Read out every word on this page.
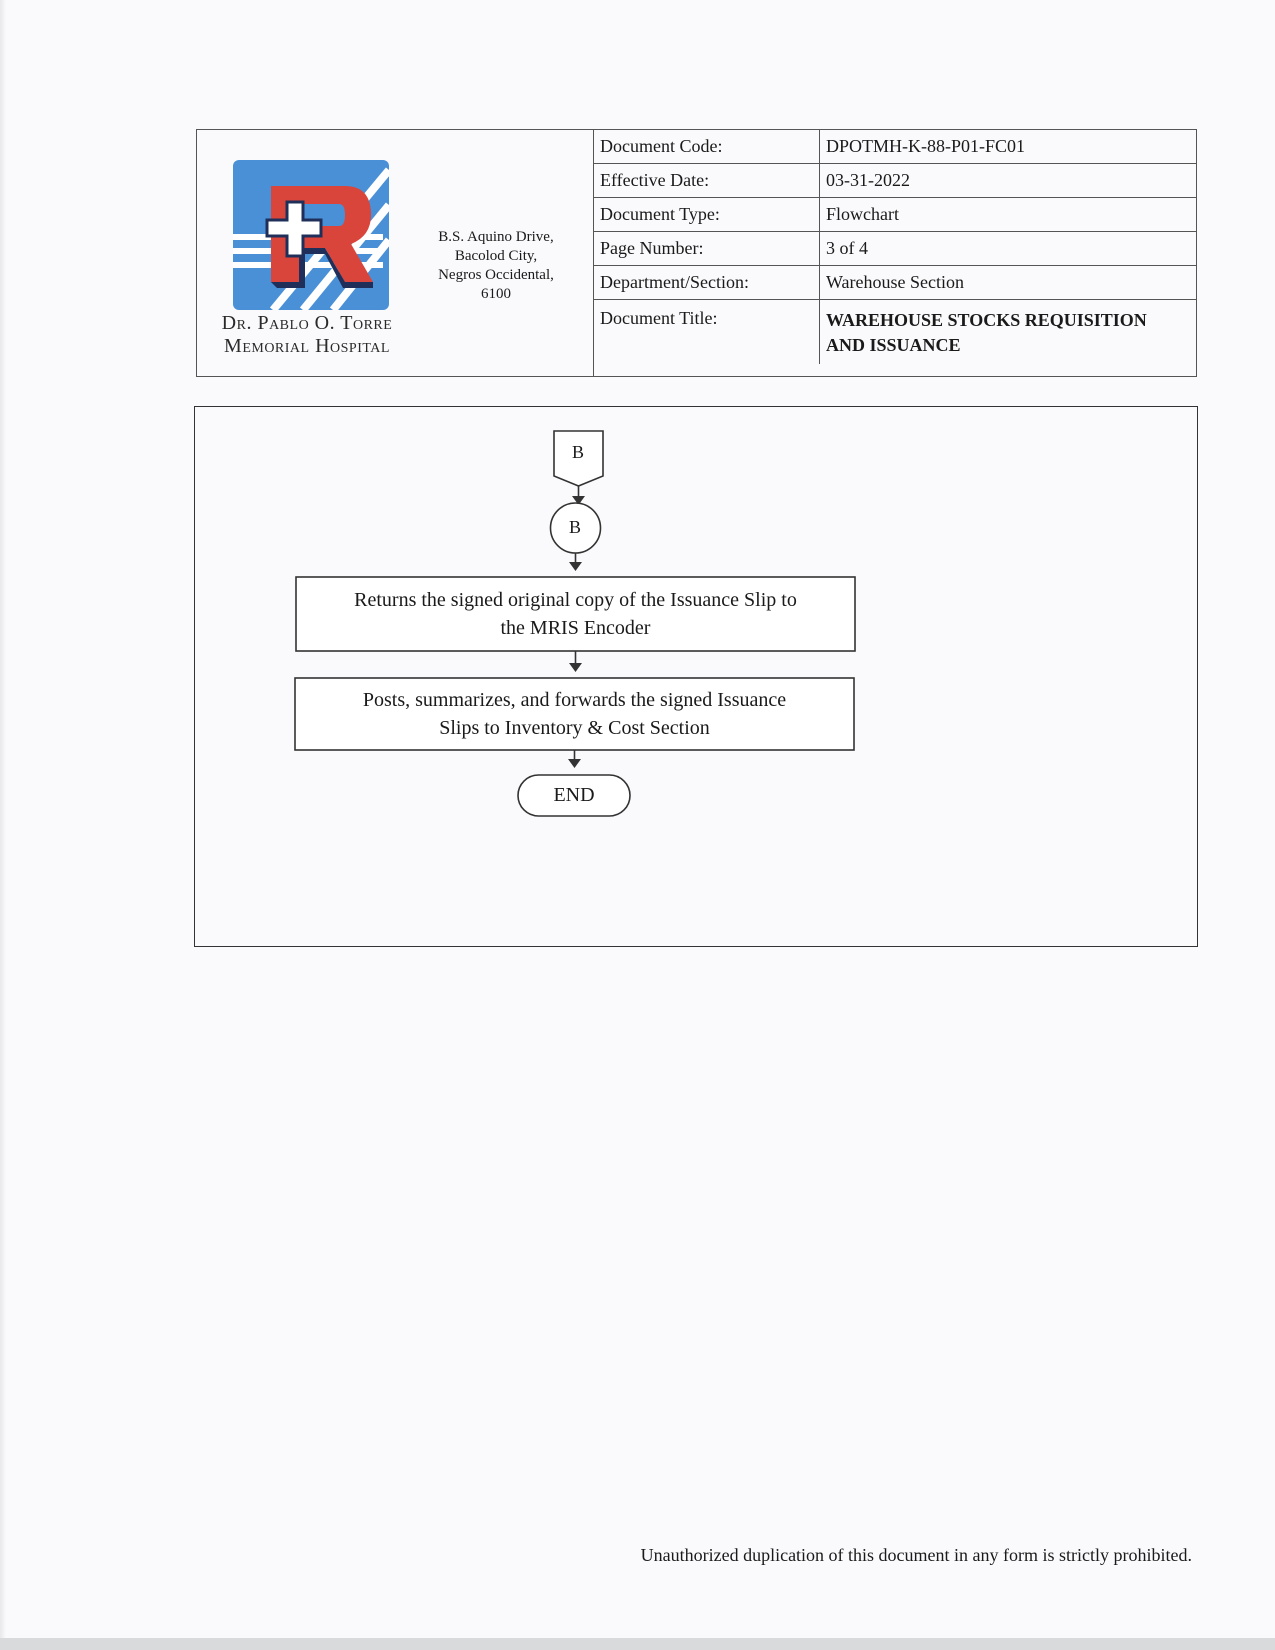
Dr. Pablo O. Torre
Memorial Hospital
B.S. Aquino Drive,
Bacolod City,
Negros Occidental,
6100
Document Code:	DPOTMH-K-88-P01-FC01
Effective Date:	03-31-2022
Document Type:	Flowchart
Page Number:	3 of 4
Department/Section:	Warehouse Section
Document Title:	WAREHOUSE STOCKS REQUISITION
AND ISSUANCE
B
B
Returns the signed original copy of the Issuance Slip to
the MRIS Encoder
Posts, summarizes, and forwards the signed Issuance
Slips to Inventory & Cost Section
END
Unauthorized duplication of this document in any form is strictly prohibited.
